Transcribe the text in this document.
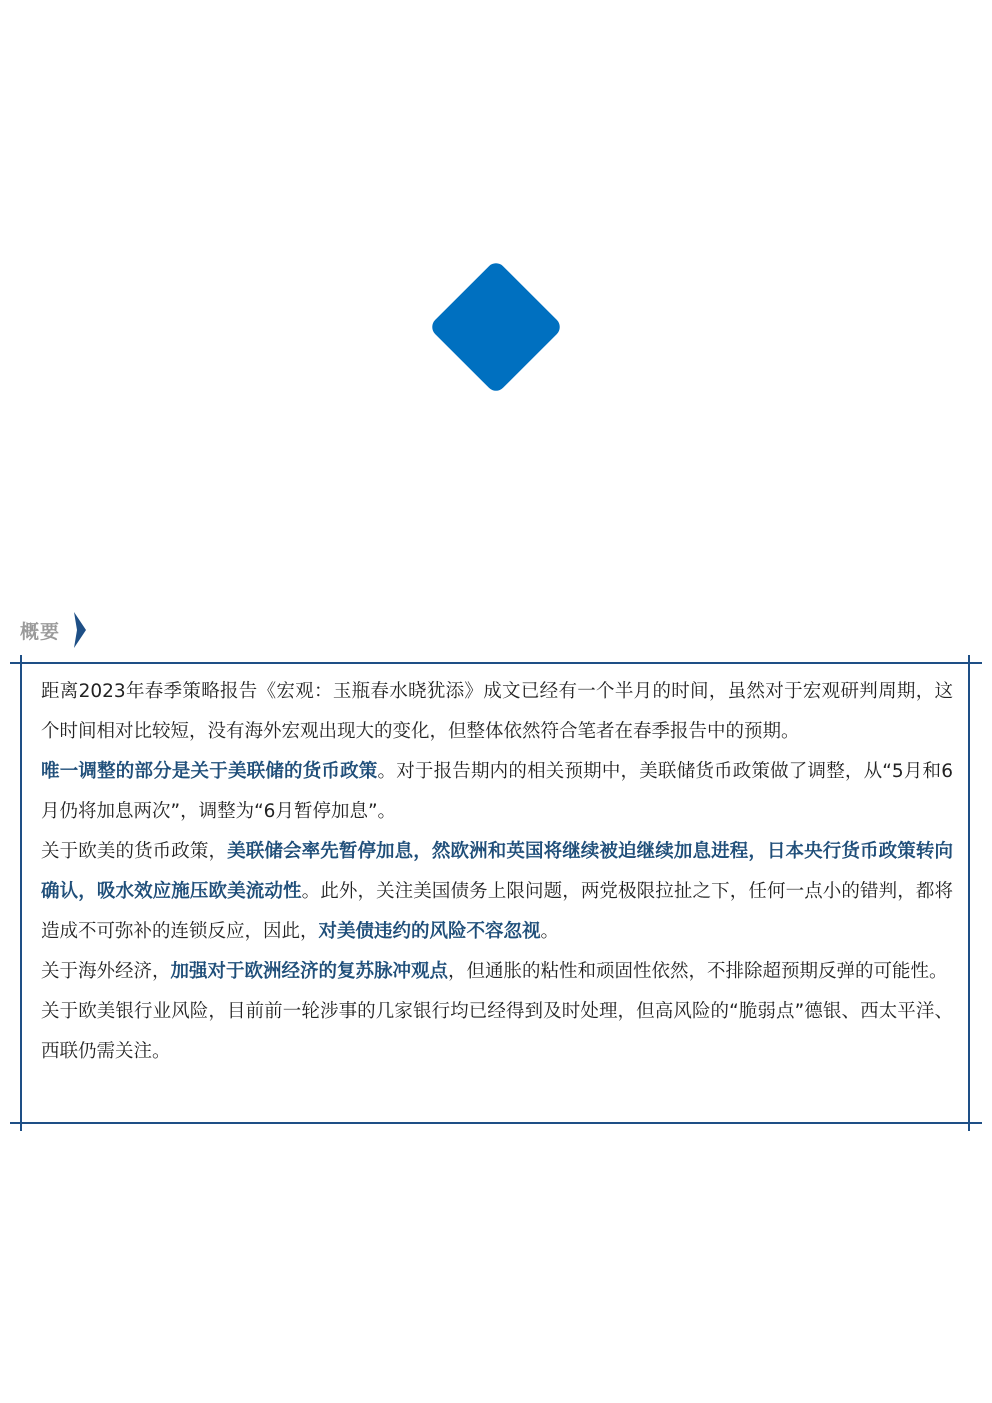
概要

距离2023年春季策略报告《宏观：玉瓶春水晓犹添》成文已经有一个半月的时间，虽然对于宏观研判周期，这个时间相对比较短，没有海外宏观出现大的变化，但整体依然符合笔者在春季报告中的预期。

唯一调整的部分是关于美联储的货币政策。对于报告期内的相关预期中，美联储货币政策做了调整，从“5月和6月仍将加息两次”，调整为“6月暂停加息”。

关于欧美的货币政策，美联储会率先暂停加息，然欧洲和英国将继续被迫继续加息进程，日本央行货币政策转向确认，吸水效应施压欧美流动性。此外，关注美国债务上限问题，两党极限拉扯之下，任何一点小的错判，都将造成不可弥补的连锁反应，因此，对美债违约的风险不容忽视。

关于海外经济，加强对于欧洲经济的复苏脉冲观点，但通胀的粘性和顽固性依然，不排除超预期反弹的可能性。

关于欧美银行业风险，目前前一轮涉事的几家银行均已经得到及时处理，但高风险的“脆弱点”德银、西太平洋、西联仍需关注。
